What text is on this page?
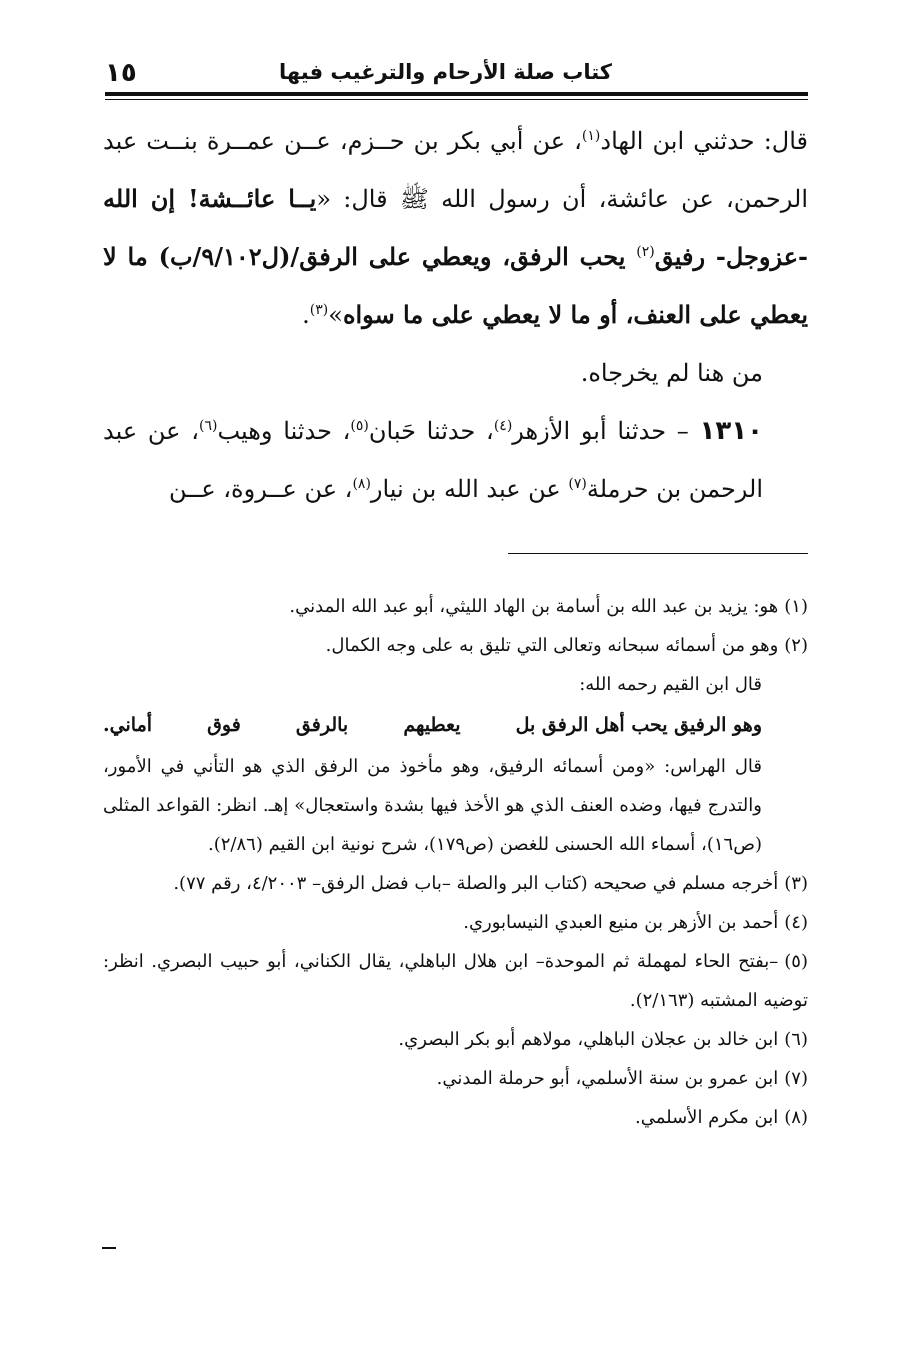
كتاب صلة الأرحام والترغيب فيها
١٥

قال: حدثني ابن الهاد$^{(١)}$، عن أبي بكر بن حــزم، عــن عمــرة بنــت عبد الرحمن، عن عائشة، أن رسول الله ﷺ قال: «يــا عائــشة! إن الله -عزوجل- رفيق$^{(٢)}$ يحب الرفق، ويعطي على الرفق/(ل٩/١٠٢/ب) ما لا يعطي على العنف، أو ما لا يعطي على ما سواه»$^{(٣)}$.

من هنا لم يخرجاه.

١٣١٠ – حدثنا أبو الأزهر$^{(٤)}$، حدثنا حَبان$^{(٥)}$، حدثنا وهيب$^{(٦)}$، عن عبد الرحمن بن حرملة$^{(٧)}$ عن عبد الله بن نيار$^{(٨)}$، عن عــروة، عــن

(١)هو: يزيد بن عبد الله بن أسامة بن الهاد الليثي، أبو عبد الله المدني.

(٢)وهو من أسمائه سبحانه وتعالى التي تليق به على وجه الكمال.

قال ابن القيم رحمه الله:

وهو الرفيق يحب أهل الرفق بل
يعطيهم
بالرفق
فوق
أماني.

قال الهراس: «ومن أسمائه الرفيق، وهو مأخوذ من الرفق الذي هو التأني في الأمور، والتدرج فيها، وضده العنف الذي هو الأخذ فيها بشدة واستعجال» إهـ. انظر: القواعد المثلى (ص١٦)، أسماء الله الحسنى للغصن (ص١٧٩)، شرح نونية ابن القيم (٢/٨٦).

(٣)أخرجه مسلم في صحيحه (كتاب البر والصلة –باب فضل الرفق– ٤/٢٠٠٣، رقم ٧٧).

(٤)أحمد بن الأزهر بن منيع العبدي النيسابوري.

(٥)–بفتح الحاء لمهملة ثم الموحدة– ابن هلال الباهلي، يقال الكناني، أبو حبيب البصري. انظر: توضيه المشتبه (٢/١٦٣).

(٦)ابن خالد بن عجلان الباهلي، مولاهم أبو بكر البصري.

(٧)ابن عمرو بن سنة الأسلمي، أبو حرملة المدني.

(٨)ابن مكرم الأسلمي.
